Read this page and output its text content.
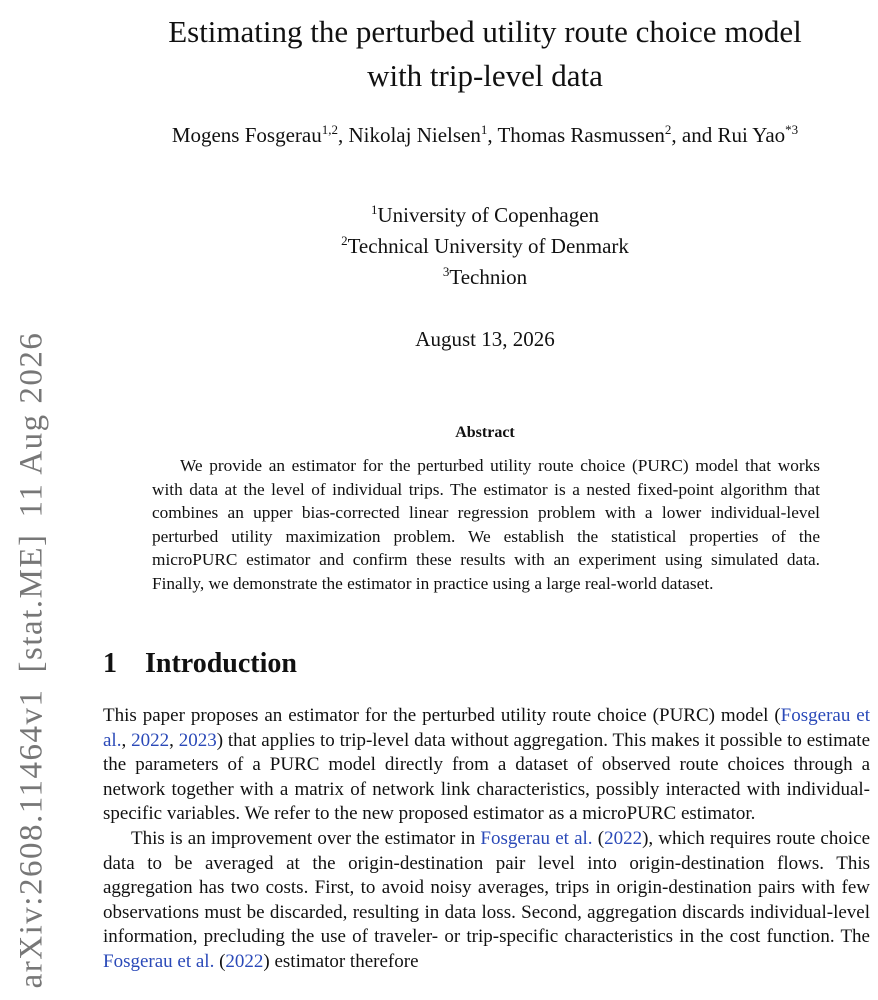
arXiv:2608.11464v1[stat.ME]11 Aug 2026
Estimating the perturbed utility route choice model
with trip-level data
Mogens Fosgerau$^{1,2}$, Nikolaj Nielsen$^1$, Thomas Rasmussen$^2$, and Rui Yao$^{*3}$
$^1$University of Copenhagen
$^2$Technical University of Denmark
$^3$Technion
August 13, 2026
Abstract

We provide an estimator for the perturbed utility route choice (PURC) model that works with data at the level of individual trips. The estimator is a nested fixed-point algorithm that combines an upper bias-corrected linear regression problem with a lower individual-level perturbed utility maximization problem. We establish the statistical properties of the microPURC estimator and confirm these results with an experiment using simulated data. Finally, we demonstrate the estimator in practice using a large real-world dataset.

1 Introduction

This paper proposes an estimator for the perturbed utility route choice (PURC) model (Fosgerau et al., 2022, 2023) that applies to trip-level data without aggregation. This makes it possible to estimate the parameters of a PURC model directly from a dataset of observed route choices through a network together with a matrix of network link characteristics, possibly interacted with individual-specific variables. We refer to the new proposed estimator as a microPURC estimator.

This is an improvement over the estimator in Fosgerau et al. (2022), which requires route choice data to be averaged at the origin-destination pair level into origin-destination flows. This aggregation has two costs. First, to avoid noisy averages, trips in origin-destination pairs with few observations must be discarded, resulting in data loss. Second, aggregation discards individual-level information, precluding the use of traveler- or trip-specific characteristics in the cost function. The Fosgerau et al. (2022) estimator therefore
